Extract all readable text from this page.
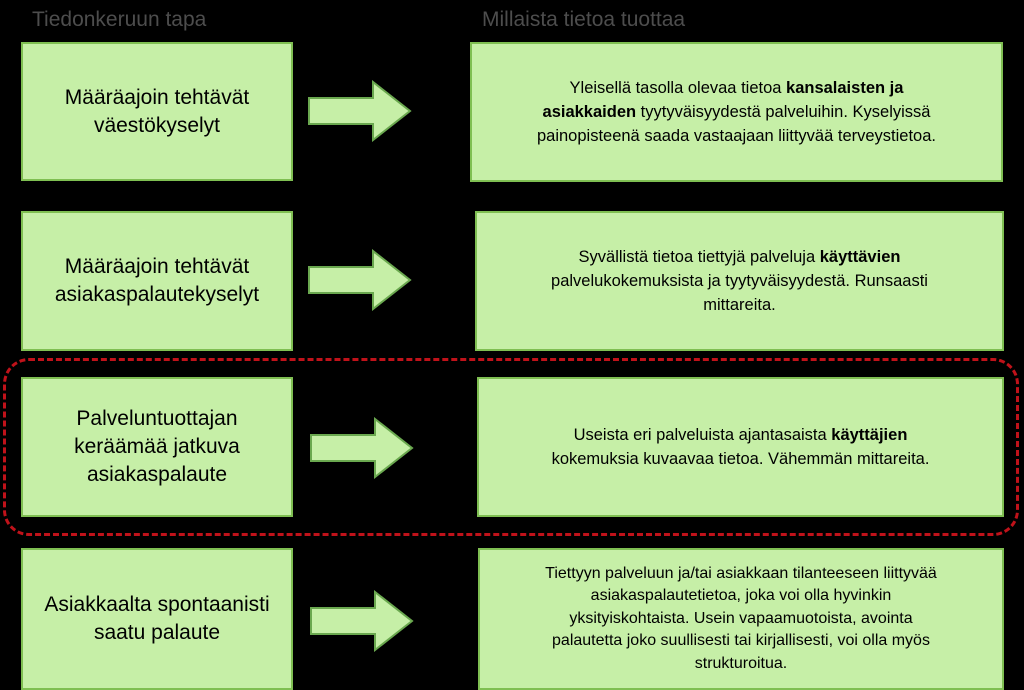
Tiedonkeruun tapa	Millaista tietoa tuottaa
Määräajoin tehtävät
väestökyselyt
Yleisellä tasolla olevaa tietoa kansalaisten ja
asiakkaiden tyytyväisyydestä palveluihin. Kyselyissä
painopisteenä saada vastaajaan liittyvää terveystietoa.
Määräajoin tehtävät
asiakaspalautekyselyt
Syvällistä tietoa tiettyjä palveluja käyttävien
palvelukokemuksista ja tyytyväisyydestä. Runsaasti
mittareita.
Palveluntuottajan
keräämää jatkuva
asiakaspalaute
Useista eri palveluista ajantasaista käyttäjien
kokemuksia kuvaavaa tietoa. Vähemmän mittareita.
Asiakkaalta spontaanisti
saatu palaute
Tiettyyn palveluun ja/tai asiakkaan tilanteeseen liittyvää
asiakaspalautetietoa, joka voi olla hyvinkin
yksityiskohtaista. Usein vapaamuotoista, avointa
palautetta joko suullisesti tai kirjallisesti, voi olla myös
strukturoitua.
